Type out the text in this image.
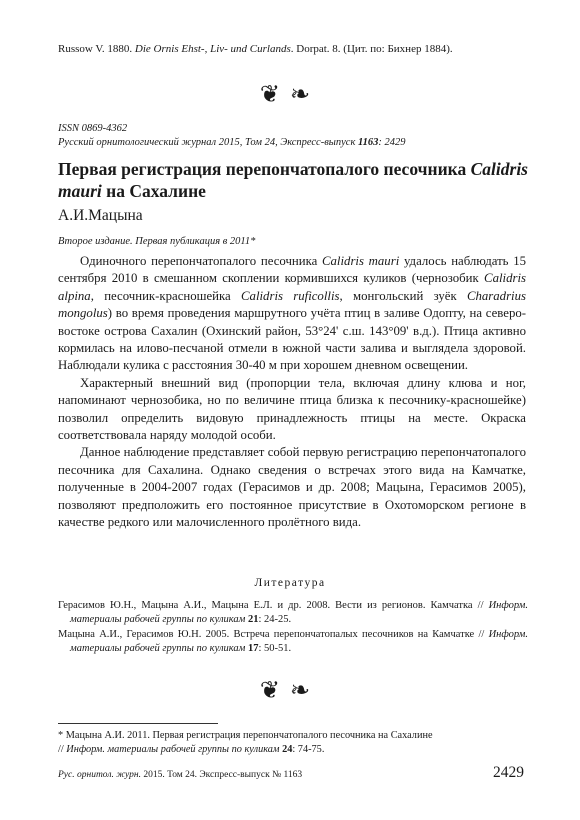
Russow V. 1880. Die Ornis Ehst-, Liv- und Curlands. Dorpat. 8. (Цит. по: Бихнер 1884).
❦❧
ISSN 0869-4362
Русский орнитологический журнал 2015, Том 24, Экспресс-выпуск 1163: 2429
Первая регистрация перепончатопалого песочника Calidris mauri на Сахалине
А.И.Мацына
Второе издание. Первая публикация в 2011*

Одиночного перепончатопалого песочника Calidris mauri удалось наблюдать 15 сентября 2010 в смешанном скоплении кормившихся куликов (чернозобик Calidris alpina, песочник-красношейка Calidris ruficollis, монгольский зуёк Charadrius mongolus) во время проведения маршрутного учёта птиц в заливе Одопту, на северо-востоке острова Сахалин (Охинский район, 53°24' с.ш. 143°09' в.д.). Птица активно кормилась на илово-песчаной отмели в южной части залива и выглядела здоровой. Наблюдали кулика с расстояния 30-40 м при хорошем дневном освещении.

Характерный внешний вид (пропорции тела, включая длину клюва и ног, напоминают чернозобика, но по величине птица близка к песочнику-красношейке) позволил определить видовую принадлежность птицы на месте. Окраска соответствовала наряду молодой особи.

Данное наблюдение представляет собой первую регистрацию перепончатопалого песочника для Сахалина. Однако сведения о встречах этого вида на Камчатке, полученные в 2004-2007 годах (Герасимов и др. 2008; Мацына, Герасимов 2005), позволяют предположить его постоянное присутствие в Охотоморском регионе в качестве редкого или малочисленного пролётного вида.

Литература

Герасимов Ю.Н., Мацына А.И., Мацына Е.Л. и др. 2008. Вести из регионов. Камчатка // Информ. материалы рабочей группы по куликам 21: 24-25.

Мацына А.И., Герасимов Ю.Н. 2005. Встреча перепончатопалых песочников на Камчатке // Информ. материалы рабочей группы по куликам 17: 50-51.

❦❧
* Мацына А.И. 2011. Первая регистрация перепончатопалого песочника на Сахалине
// Информ. материалы рабочей группы по куликам 24: 74-75.
Рус. орнитол. журн. 2015. Том 24. Экспресс-выпуск № 1163	2429
